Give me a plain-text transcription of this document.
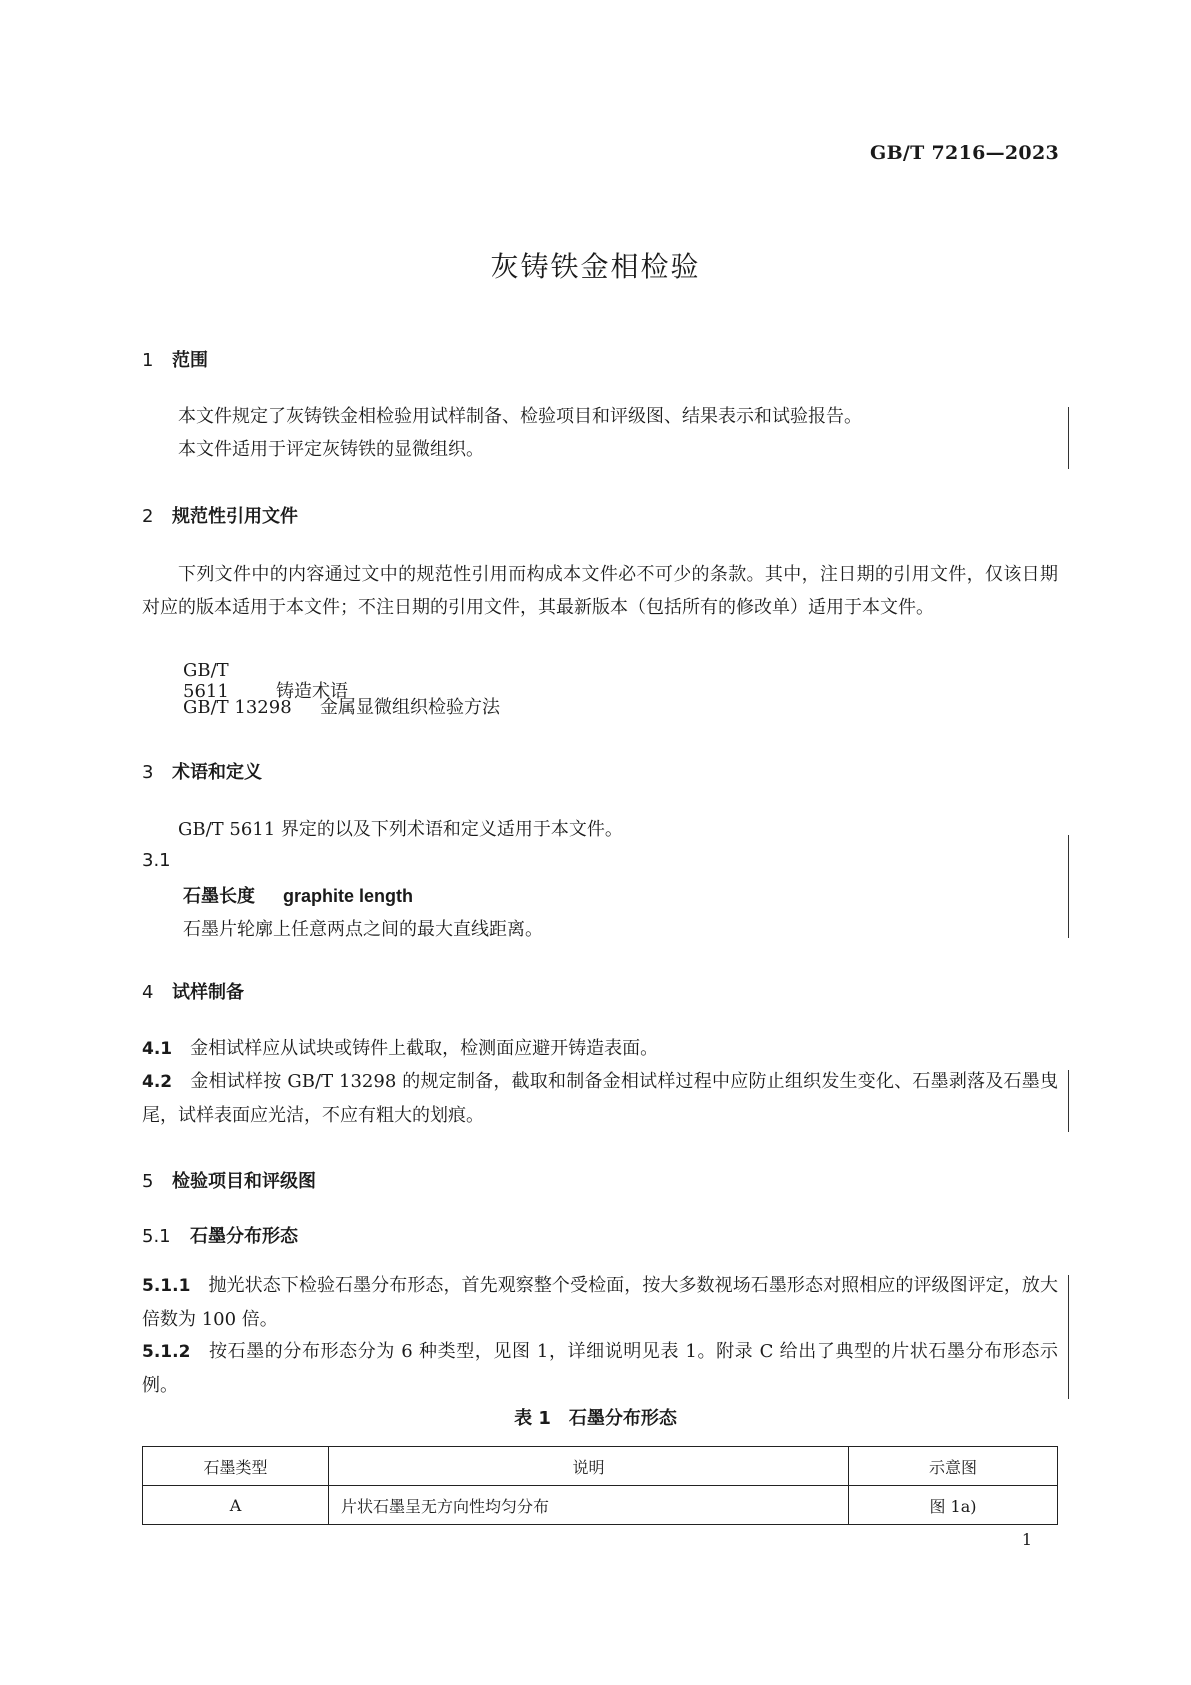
GB/T 7216—2023
灰铸铁金相检验
1 范围
本文件规定了灰铸铁金相检验用试样制备、检验项目和评级图、结果表示和试验报告。
本文件适用于评定灰铸铁的显微组织。
2 规范性引用文件
下列文件中的内容通过文中的规范性引用而构成本文件必不可少的条款。其中，注日期的引用文件，仅该日期对应的版本适用于本文件；不注日期的引用文件，其最新版本（包括所有的修改单）适用于本文件。
GB/T 5611	铸造术语
GB/T 13298 金属显微组织检验方法
3 术语和定义
GB/T 5611 界定的以及下列术语和定义适用于本文件。
3.1
石墨长度 graphite length
石墨片轮廓上任意两点之间的最大直线距离。
4 试样制备
4.1 金相试样应从试块或铸件上截取，检测面应避开铸造表面。
4.2 金相试样按 GB/T 13298 的规定制备，截取和制备金相试样过程中应防止组织发生变化、石墨剥落及石墨曳尾，试样表面应光洁，不应有粗大的划痕。
5 检验项目和评级图
5.1 石墨分布形态
5.1.1 抛光状态下检验石墨分布形态，首先观察整个受检面，按大多数视场石墨形态对照相应的评级图评定，放大倍数为 100 倍。
5.1.2 按石墨的分布形态分为 6 种类型，见图 1，详细说明见表 1。附录 C 给出了典型的片状石墨分布形态示例。
表 1　石墨分布形态
石墨类型	说明	示意图
A	片状石墨呈无方向性均匀分布	图 1a)
1
